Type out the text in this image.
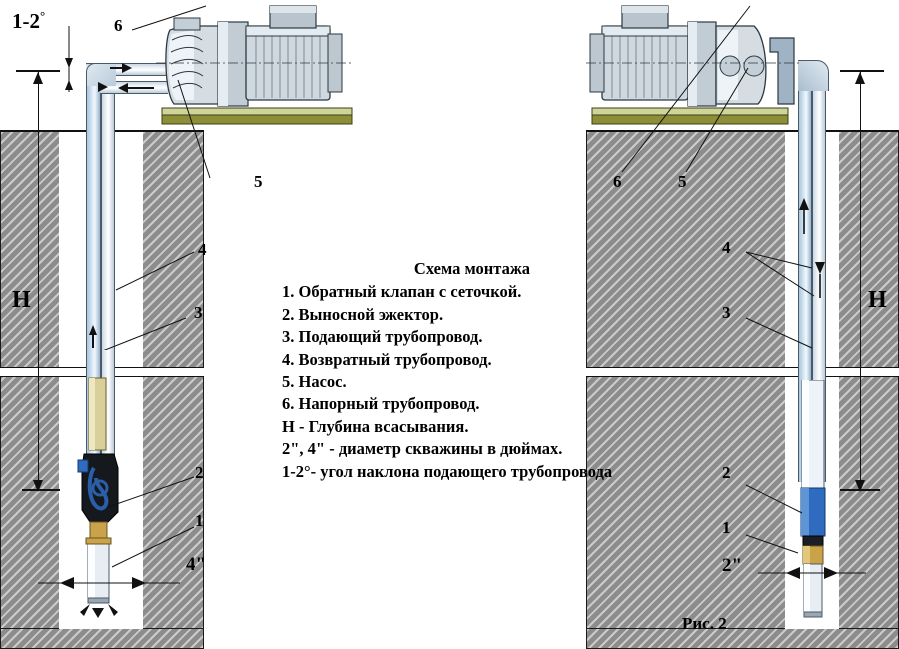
H
1-2°
4"
6
5
4
3
2
1
H
2"
6	5
4
3
2
1
Схема монтажа
1. Обратный клапан с сеточкой.
2. Выносной эжектор.
3. Подающий трубопровод.
4. Возвратный трубопровод.
5. Насос.
6. Напорный трубопровод.
H - Глубина всасывания.
2", 4" - диаметр скважины в дюймах.
1-2°- угол наклона подающего трубопровода
Рис. 2
